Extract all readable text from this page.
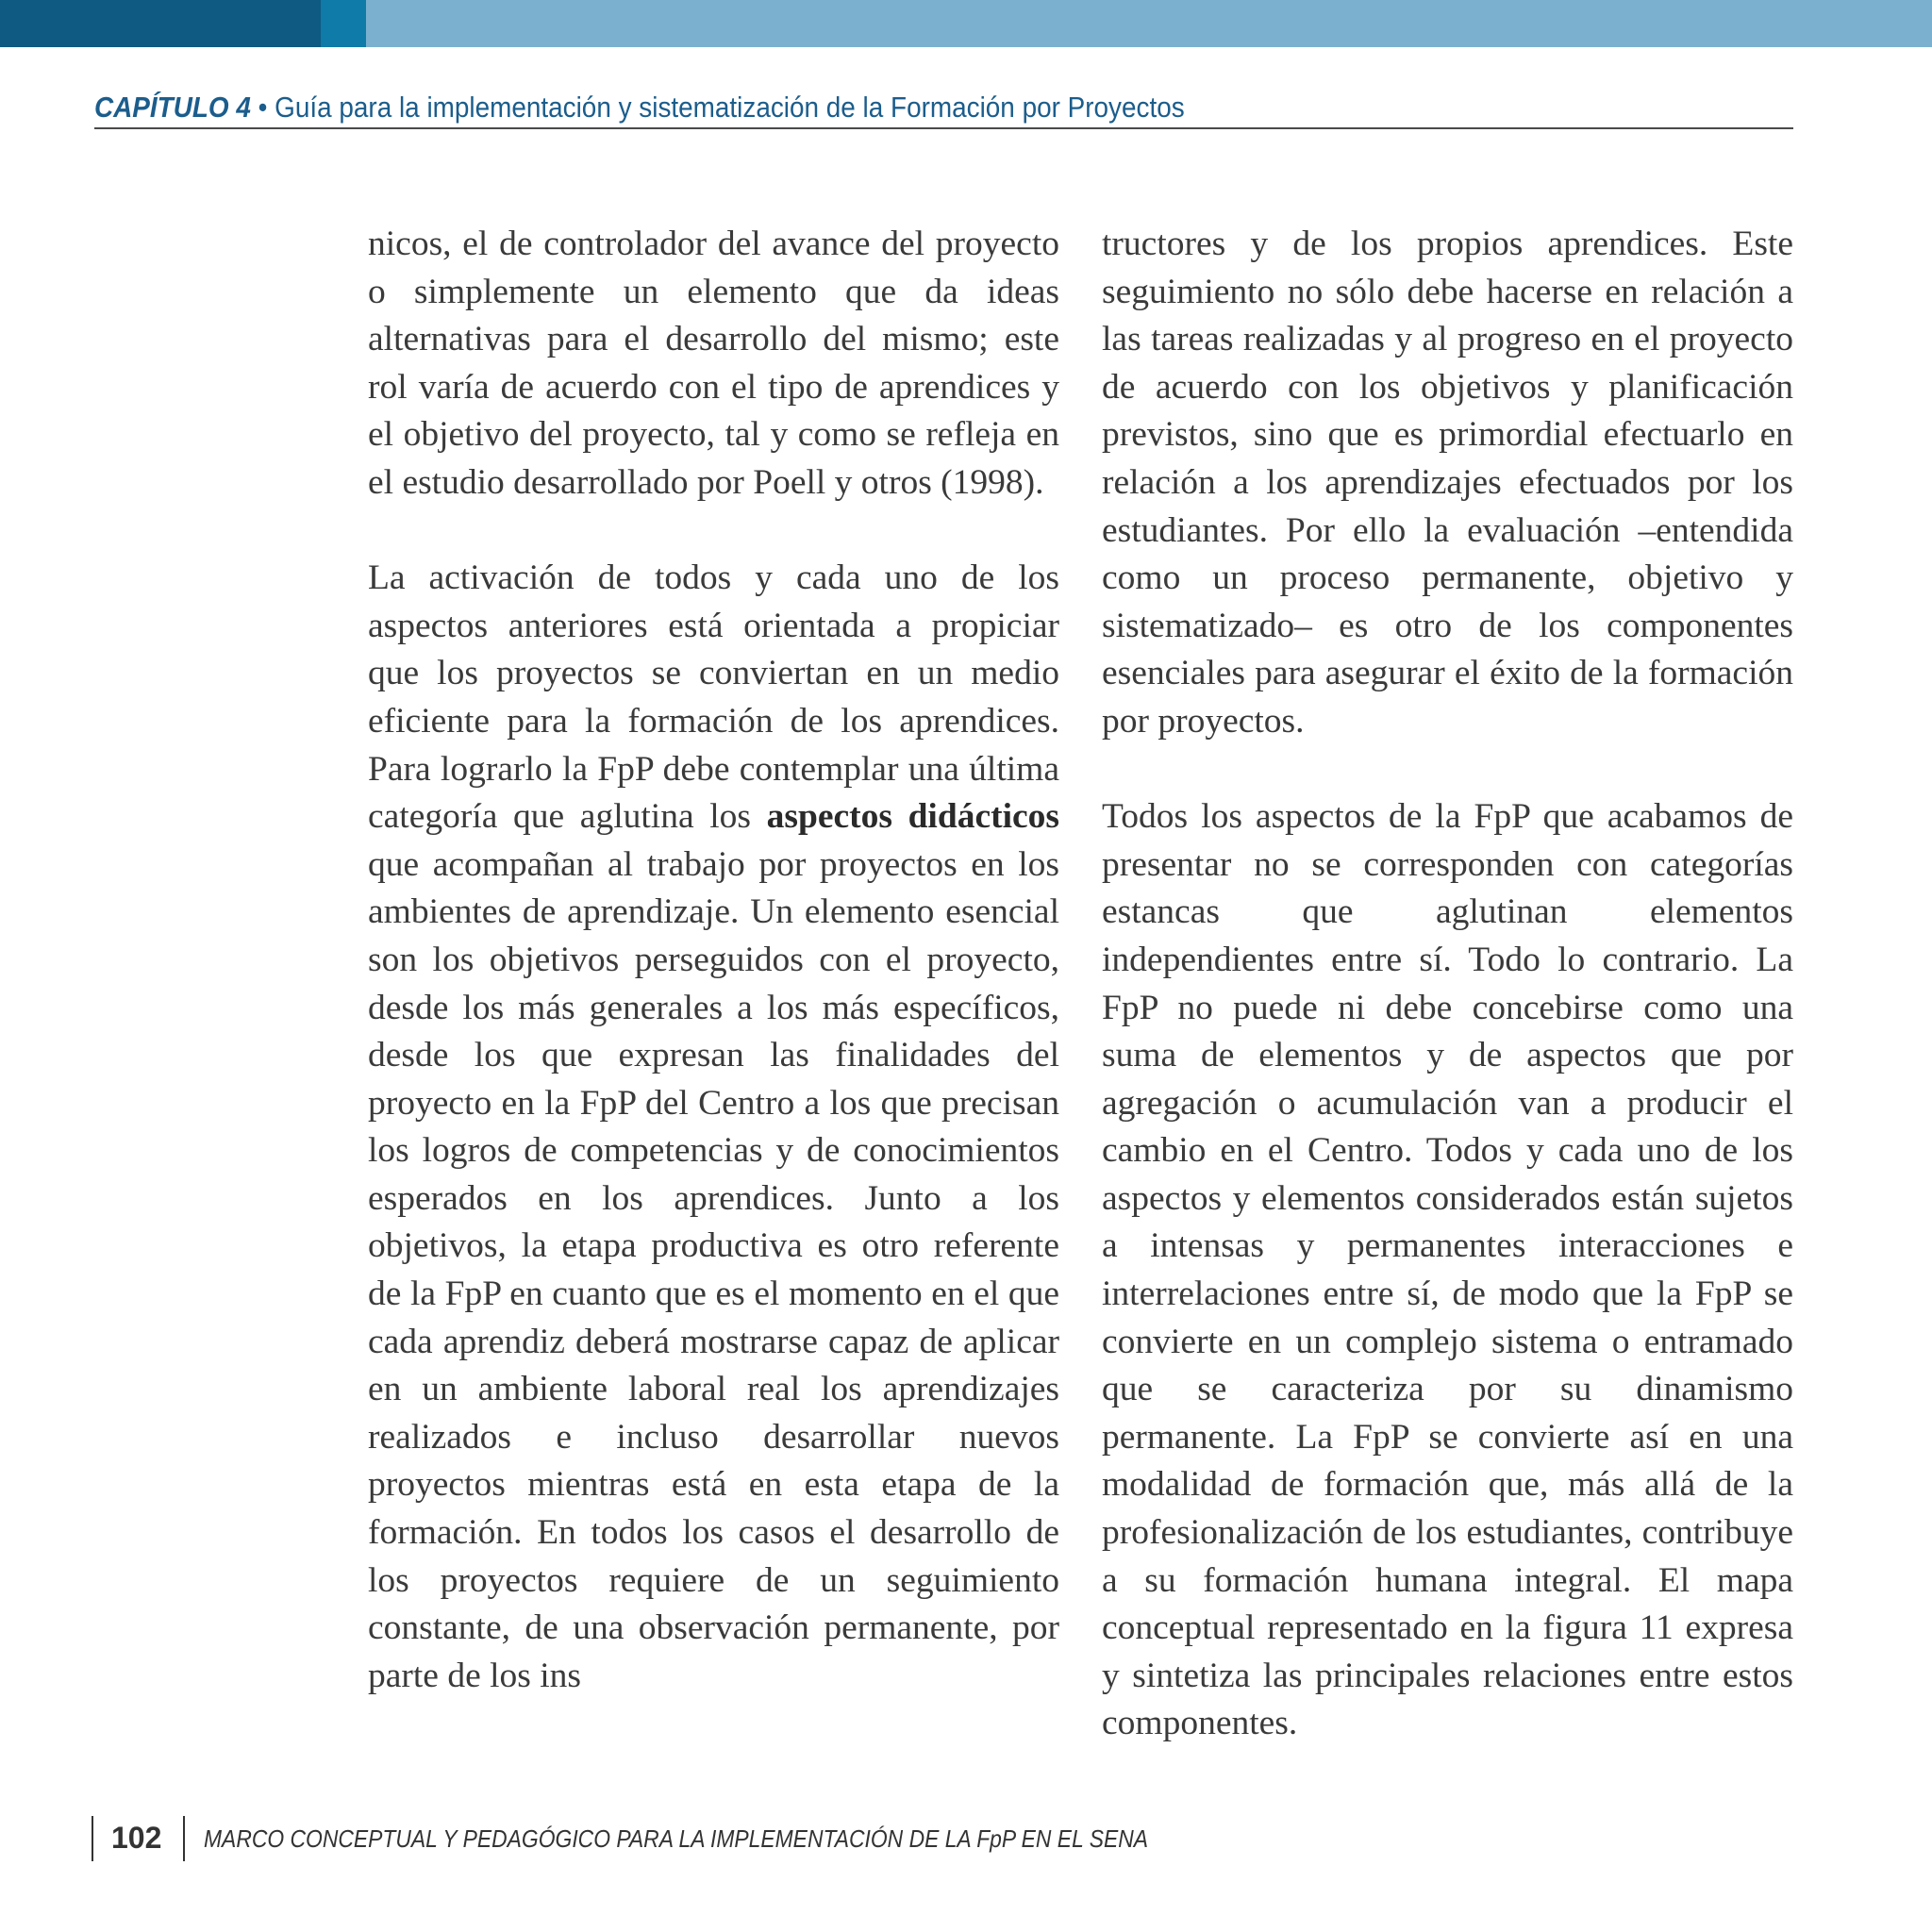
CAPÍTULO 4 • Guía para la implementación y sistematización de la Formación por Proyectos

nicos, el de controlador del avance del proyecto o simplemente un elemento que da ideas alternativas para el desarrollo del mismo; este rol varía de acuerdo con el tipo de aprendices y el objetivo del proyecto, tal y como se refleja en el estudio desarrollado por Poell y otros (1998).

La activación de todos y cada uno de los aspectos anteriores está orientada a propiciar que los proyectos se conviertan en un medio eficiente para la formación de los aprendices. Para lograrlo la FpP debe contemplar una última categoría que aglutina los aspectos didácticos que acompañan al trabajo por proyectos en los ambientes de aprendizaje. Un elemento esencial son los objetivos perseguidos con el proyecto, desde los más generales a los más específicos, desde los que expresan las finalidades del proyecto en la FpP del Centro a los que precisan los logros de competencias y de conocimientos esperados en los aprendices. Junto a los objetivos, la etapa productiva es otro referente de la FpP en cuanto que es el momento en el que cada aprendiz deberá mostrarse capaz de aplicar en un ambiente laboral real los aprendizajes realizados e incluso desarrollar nuevos proyectos mientras está en esta etapa de la formación. En todos los casos el desarrollo de los proyectos requiere de un seguimiento constante, de una observación permanente, por parte de los ins

tructores y de los propios aprendices. Este seguimiento no sólo debe hacerse en relación a las tareas realizadas y al progreso en el proyecto de acuerdo con los objetivos y planificación previstos, sino que es primordial efectuarlo en relación a los aprendizajes efectuados por los estudiantes. Por ello la evaluación –entendida como un proceso permanente, objetivo y sistematizado– es otro de los componentes esenciales para asegurar el éxito de la formación por proyectos.

Todos los aspectos de la FpP que acabamos de presentar no se corresponden con categorías estancas que aglutinan elementos independientes entre sí. Todo lo contrario. La FpP no puede ni debe concebirse como una suma de elementos y de aspectos que por agregación o acumulación van a producir el cambio en el Centro. Todos y cada uno de los aspectos y elementos considerados están sujetos a intensas y permanentes interacciones e interrelaciones entre sí, de modo que la FpP se convierte en un complejo sistema o entramado que se caracteriza por su dinamismo permanente. La FpP se convierte así en una modalidad de formación que, más allá de la profesionalización de los estudiantes, contribuye a su formación humana integral. El mapa conceptual representado en la figura 11 expresa y sintetiza las principales relaciones entre estos componentes.

102 MARCO CONCEPTUAL Y PEDAGÓGICO PARA LA IMPLEMENTACIÓN DE LA FpP EN EL SENA
